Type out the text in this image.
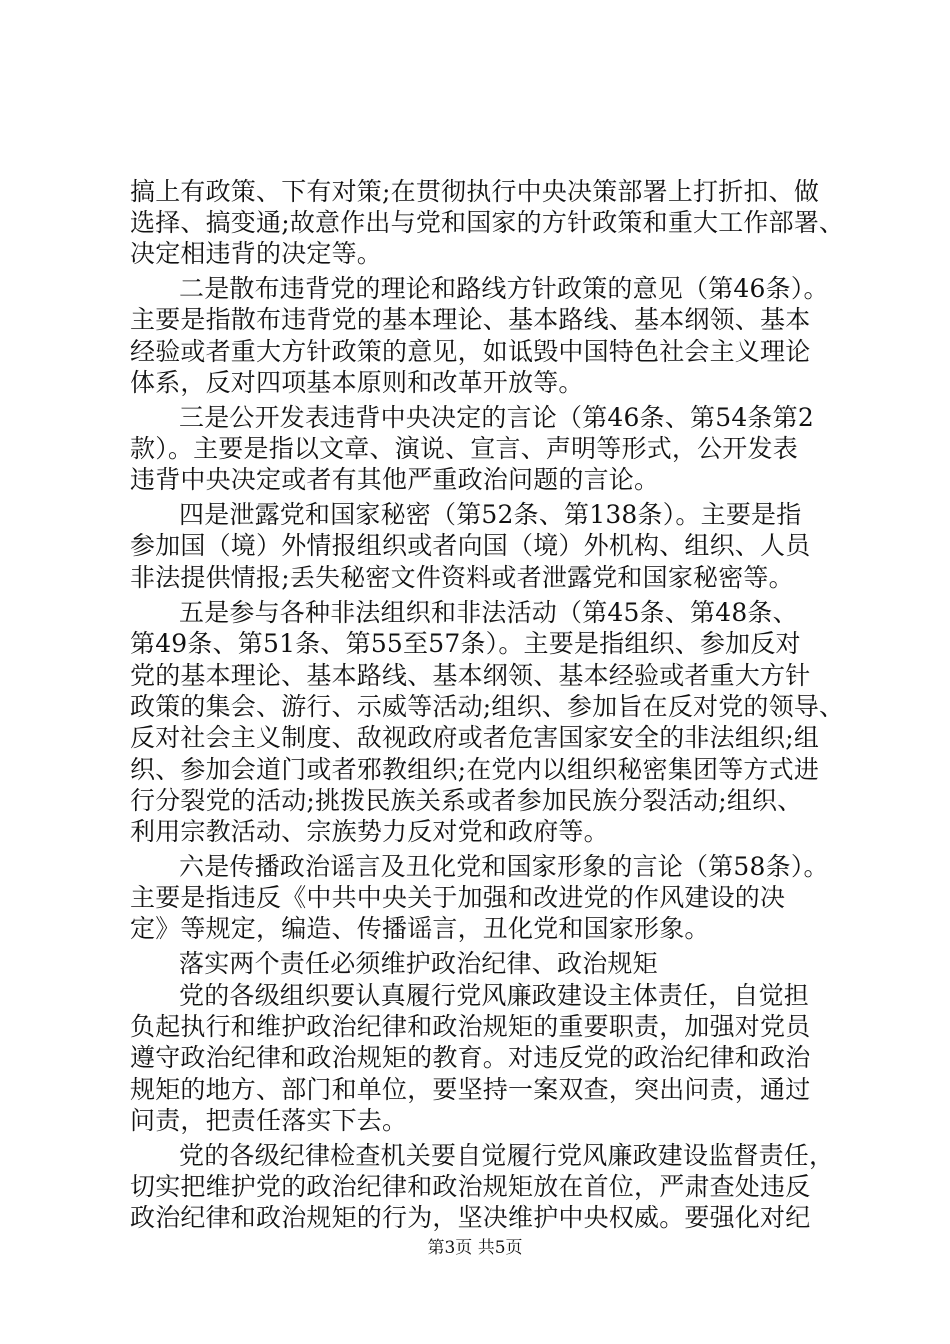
搞上有政策、下有对策;在贯彻执行中央决策部署上打折扣、做
选择、搞变通;故意作出与党和国家的方针政策和重大工作部署、
决定相违背的决定等。
二是散布违背党的理论和路线方针政策的意见（第46条）。
主要是指散布违背党的基本理论、基本路线、基本纲领、基本
经验或者重大方针政策的意见，如诋毁中国特色社会主义理论
体系，反对四项基本原则和改革开放等。
三是公开发表违背中央决定的言论（第46条、第54条第2
款）。主要是指以文章、演说、宣言、声明等形式，公开发表
违背中央决定或者有其他严重政治问题的言论。
四是泄露党和国家秘密（第52条、第138条）。主要是指
参加国（境）外情报组织或者向国（境）外机构、组织、人员
非法提供情报;丢失秘密文件资料或者泄露党和国家秘密等。
五是参与各种非法组织和非法活动（第45条、第48条、
第49条、第51条、第55至57条）。主要是指组织、参加反对
党的基本理论、基本路线、基本纲领、基本经验或者重大方针
政策的集会、游行、示威等活动;组织、参加旨在反对党的领导、
反对社会主义制度、敌视政府或者危害国家安全的非法组织;组
织、参加会道门或者邪教组织;在党内以组织秘密集团等方式进
行分裂党的活动;挑拨民族关系或者参加民族分裂活动;组织、
利用宗教活动、宗族势力反对党和政府等。
六是传播政治谣言及丑化党和国家形象的言论（第58条）。
主要是指违反《中共中央关于加强和改进党的作风建设的决
定》等规定，编造、传播谣言，丑化党和国家形象。
落实两个责任必须维护政治纪律、政治规矩
党的各级组织要认真履行党风廉政建设主体责任，自觉担
负起执行和维护政治纪律和政治规矩的重要职责，加强对党员
遵守政治纪律和政治规矩的教育。对违反党的政治纪律和政治
规矩的地方、部门和单位，要坚持一案双查，突出问责，通过
问责，把责任落实下去。
党的各级纪律检查机关要自觉履行党风廉政建设监督责任，
切实把维护党的政治纪律和政治规矩放在首位，严肃查处违反
政治纪律和政治规矩的行为，坚决维护中央权威。要强化对纪
第3页 共5页
